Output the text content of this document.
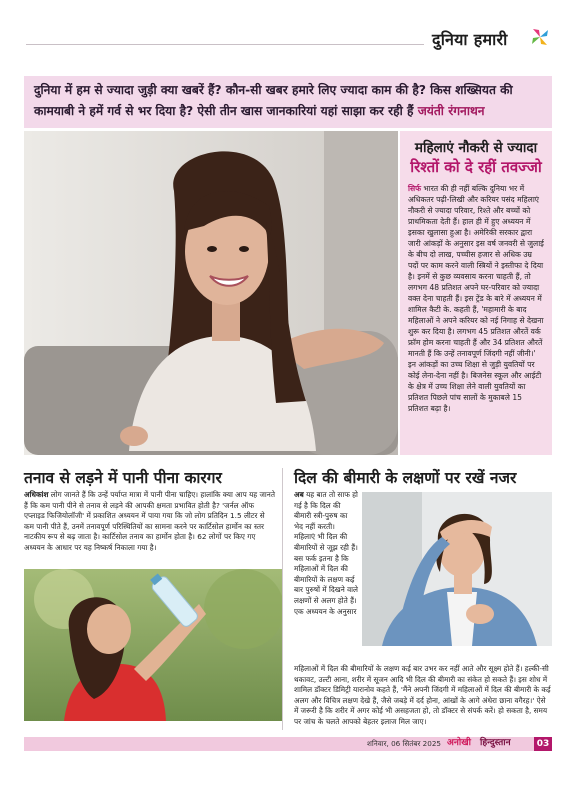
दुनिया हमारी

दुनिया में हम से ज्यादा जुड़ी क्या खबरें हैं? कौन-सी खबर हमारे लिए ज्यादा काम की है? किस शख्सियत की कामयाबी ने हमें गर्व से भर दिया है? ऐसी तीन खास जानकारियां यहां साझा कर रही हैं जयंती रंगनाथन

महिलाएं नौकरी से ज्यादा
रिश्तों को दे रहीं तवज्जो

सिर्फ भारत की ही नहीं बल्कि दुनिया भर में अधिकतर पढ़ी-लिखी और करियर पसंद महिलाएं नौकरी से ज्यादा परिवार, रिश्ते और बच्चों को प्राथमिकता देती हैं। हाल ही में हुए अध्ययन में इसका खुलासा हुआ है। अमेरिकी सरकार द्वारा जारी आंकड़ों के अनुसार इस वर्ष जनवरी से जुलाई के बीच दो लाख, पच्चीस हजार से अधिक उम्र पदों पर काम करने वाली स्त्रियों ने इस्तीफा दे दिया है। इनमें से कुछ व्यवसाय करना चाहती हैं, तो लगभग 48 प्रतिशत अपने घर-परिवार को ज्यादा वक्त देना चाहती हैं। इस ट्रेंड के बारे में अध्ययन में शामिल कैटी के. कहती हैं, 'महामारी के बाद महिलाओं ने अपने करियर को नई निगाह से देखना शुरू कर दिया है। लगभग 45 प्रतिशत औरतें वर्क फ्रॉम होम करना चाहती हैं और 34 प्रतिशत औरतें मानती हैं कि उन्हें तनावपूर्ण जिंदगी नहीं जीनी।' इन आंकड़ों का उच्च शिक्षा से जुड़ी युवतियों पर कोई लेना-देना नहीं है। बिजनेस स्कूल और आईटी के क्षेत्र में उच्च शिक्षा लेने वाली युवतियों का प्रतिशत पिछले पांच सालों के मुकाबले 15 प्रतिशत बढ़ा है।

तनाव से लड़ने में पानी पीना कारगर

अधिकांश लोग जानते हैं कि उन्हें पर्याप्त मात्रा में पानी पीना चाहिए। हालांकि क्या आप यह जानते हैं कि कम पानी पीने से तनाव से लड़ने की आपकी क्षमता प्रभावित होती है? 'जर्नल ऑफ एप्लाइड फिजियोलॉजी' में प्रकाशित अध्ययन में पाया गया कि जो लोग प्रतिदिन 1.5 लीटर से कम पानी पीते हैं, उनमें तनावपूर्ण परिस्थितियों का सामना करने पर कार्टिसोल हार्मोन का स्तर नाटकीय रूप से बढ़ जाता है। कार्टिसोल तनाव का हार्मोन होता है। 62 लोगों पर किए गए अध्ययन के आधार पर यह निष्कर्ष निकाला गया है।

दिल की बीमारी के लक्षणों पर रखें नजर

अब यह बात तो साफ हो गई है कि दिल की बीमारी स्त्री-पुरुष का भेद नहीं करती। महिलाएं भी दिल की बीमारियों से जूझ रही हैं। बस फर्क इतना है कि महिलाओं में दिल की बीमारियों के लक्षण कई बार पुरुषों में दिखने वाले लक्षणों से अलग होते हैं। एक अध्ययन के अनुसार

महिलाओं में दिल की बीमारियों के लक्षण कई बार उभर कर नहीं आते और सूक्ष्म होते हैं। हल्की-सी थकावट, उल्टी आना, शरीर में सूजन आदि भी दिल की बीमारी का संकेत हो सकते हैं। इस शोध में शामिल डॉक्टर डिमिट्री यारानोव कहते हैं, 'मैंने अपनी जिंदगी में महिलाओं में दिल की बीमारी के कई अलग और विचित्र लक्षण देखे हैं, जैसे जबड़े में दर्द होना, आंखों के आगे अंधेरा छाना वगैरह।' ऐसे में जरूरी है कि शरीर में अगर कोई भी असहजता हो, तो डॉक्टर से संपर्क करें। हो सकता है, समय पर जांच के चलते आपको बेहतर इलाज मिल जाए।

शनिवार, 06 सितंबर 2025 अनोखी हिन्दुस्तान	03
